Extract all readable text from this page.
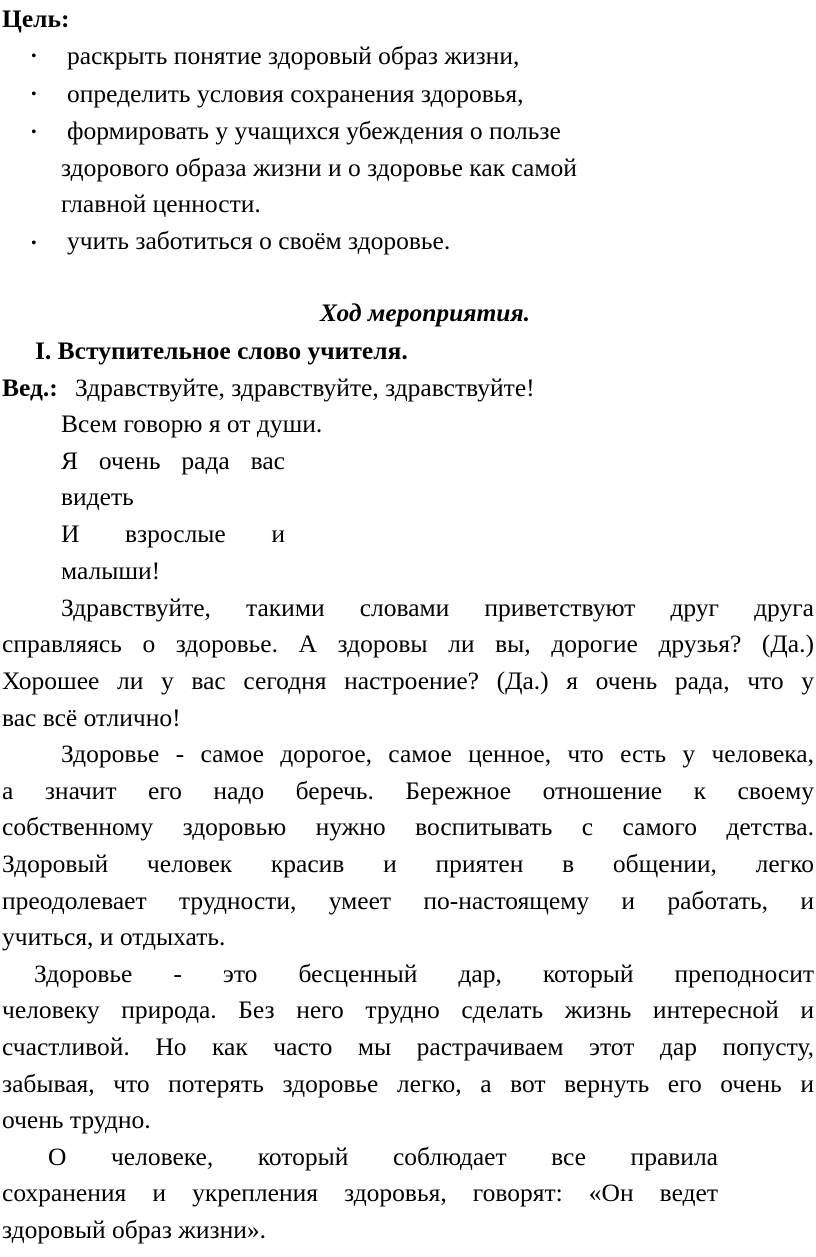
Цель:
• раскрыть понятие здоровый образ жизни,
• определить условия сохранения здоровья,
• формировать у учащихся убеждения о пользе
здорового образа жизни и о здоровье как самой
главной ценности.
• учить заботиться о своём здоровье.
Ход мероприятия.
I. Вступительное слово учителя.
Вед.: Здравствуйте, здравствуйте, здравствуйте!
Всем говорю я от души.
Я очень рада вас
видеть
И взрослые и
малыши!
Здравствуйте, такими словами приветствуют друг друга
справляясь о здоровье. А здоровы ли вы, дорогие друзья? (Да.)
Хорошее ли у вас сегодня настроение? (Да.) я очень рада, что у
вас всё отлично!
Здоровье - самое дорогое, самое ценное, что есть у человека,
а значит его надо беречь. Бережное отношение к своему
собственному здоровью нужно воспитывать с самого детства.
Здоровый человек красив и приятен в общении, легко
преодолевает трудности, умеет по-настоящему и работать, и
учиться, и отдыхать.
Здоровье - это бесценный дар, который преподносит
человеку природа. Без него трудно сделать жизнь интересной и
счастливой. Но как часто мы растрачиваем этот дар попусту,
забывая, что потерять здоровье легко, а вот вернуть его очень и
очень трудно.
О человеке, который соблюдает все правила
сохранения и укрепления здоровья, говорят: «Он ведет
здоровый образ жизни».
